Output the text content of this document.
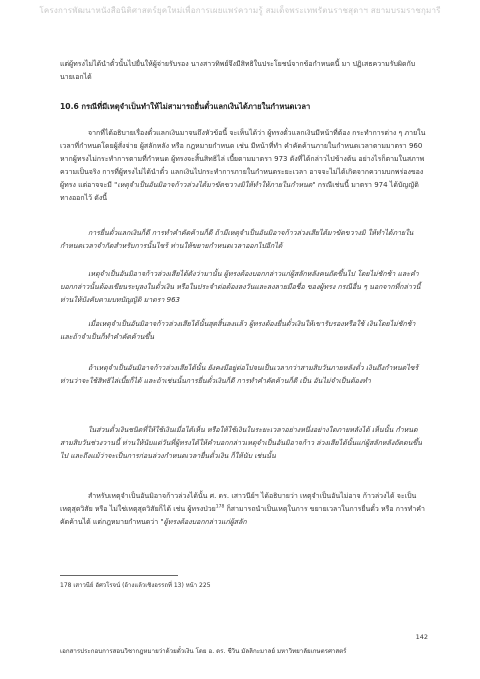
โครงการพัฒนาหนังสือนิติศาสตร์ยุคใหม่เพื่อการเผยแพร่ความรู้ สมเด็จพระเทพรัตนราชสุดาฯ สยามบรมราชกุมารี
แต่ผู้ทรงไม่ได้นำตั๋วนั้นไปยื่นให้ผู้จ่ายรับรอง นางสาวทิพย์จึงมีสิทธิในประโยชน์จากข้อกำหนดนี้ มา ปฏิเสธความรับผิดกับนายเอกได้
10.6 กรณีที่มีเหตุจำเป็นทำให้ไม่สามารถยื่นตั๋วแลกเงินได้ภายในกำหนดเวลา
จากที่ได้อธิบายเรื่องตั๋วแลกเงินมาจนถึงหัวข้อนี้ จะเห็นได้ว่า ผู้ทรงตั๋วแลกเงินมีหน้าที่ต้อง กระทำการต่าง ๆ ภายในเวลาที่กำหนดโดยผู้สั่งจ่าย ผู้สลักหลัง หรือ กฎหมายกำหนด เช่น มีหน้าที่ทำ คำคัดค้านภายในกำหนดเวลาตามมาตรา 960 หากผู้ทรงไม่กระทำการตามที่กำหนด ผู้ทรงจะสิ้นสิทธิไล่ เบี้ยตามมาตรา 973 ดังที่ได้กล่าวไปข้างต้น อย่างไรก็ตามในสภาพความเป็นจริง การที่ผู้ทรงไม่ได้นำตั๋ว แลกเงินไปกระทำการภายในกำหนดระยะเวลา อาจจะไม่ได้เกิดจากความบกพร่องของผู้ทรง แต่อาจจะมี "เหตุจำเป็นอันมิอาจก้าวล่วงได้มาขัดขวางมิให้ทำให้ภายในกำหนด" กรณีเช่นนี้ มาตรา 974 ได้บัญญัติ ทางออกไว้ ดังนี้
การยื่นตั๋วแลกเงินก็ดี การทำคำคัดค้านก็ดี ถ้ามีเหตุจำเป็นอันมิอาจก้าวล่วงเสียได้มาขัดขวางมิ ให้ทำได้ภายในกำหนดเวลาจำกัดสำหรับการนั้นไซร้ ท่านให้ขยายกำหนดเวลาออกไปอีกได้
เหตุจำเป็นอันมิอาจก้าวล่วงเสียได้ดังว่ามานั้น ผู้ทรงต้องบอกกล่าวแก่ผู้สลักหลังคนถัดขึ้นไป โดยไม่ชักช้า และคำบอกกล่าวนั้นต้องเขียนระบุลงในตั๋วเงิน หรือในประจำต่อต้องลงวันและลงลายมือชื่อ ของผู้ทรง กรณีอื่น ๆ นอกจากที่กล่าวนี้ ท่านให้บังคับตามบทบัญญัติ มาตรา 963
เมื่อเหตุจำเป็นอันมิอาจก้าวล่วงเสียได้นั้นสุดสิ้นลงแล้ว ผู้ทรงต้องยื่นตั๋วเงินให้เขารับรองหรือใช้ เงินโดยไม่ชักช้า และถ้าจำเป็นก็ทำคำคัดค้านขึ้น
ถ้าเหตุจำเป็นอันมิอาจก้าวล่วงเสียได้นั้น ยังคงมีอยู่ต่อไปจนเป็นเวลากว่าสามสิบวันภายหลังตั๋ว เงินถึงกำหนดไซร้ ท่านว่าจะใช้สิทธิไล่เบี้ยก็ได้ และถ้าเช่นนั้นการยื่นตั๋วเงินก็ดี การทำคำคัดค้านก็ดี เป็น อันไม่จำเป็นต้องทำ
ในส่วนตั๋วเงินชนิดที่ให้ใช้เงินเมื่อได้เห็น หรือให้ใช้เงินในระยะเวลาอย่างหนึ่งอย่างใดภายหลังได้ เห็นนั้น กำหนดสามสิบวันช่วงวานนี้ ท่านให้นับแต่วันที่ผู้ทรงได้ให้คำบอกกล่าวเหตุจำเป็นอันมิอาจก้าว ล่วงเสียได้นั้นแก่ผู้สลักหลังถัดตนขึ้นไป และถึงแม้ว่าจะเป็นการก่อนล่วงกำหนดเวลายื่นตั๋วเงิน ก็ให้นับ เช่นนั้น
สำหรับเหตุจำเป็นอันมิอาจก้าวล่วงได้นั้น ศ. ดร. เสาวนีย์ฯ ได้อธิบายว่า เหตุจำเป็นอันไม่อาจ ก้าวล่วงได้ จะเป็นเหตุสุดวิสัย หรือ ไม่ใช่เหตุสุดวิสัยก็ได้ เช่น ผู้ทรงป่วย$^{178}$ ก็สามารถนำเป็นเหตุในการ ขยายเวลาในการยื่นตั๋ว หรือ การทำคำคัดค้านได้ แต่กฎหมายกำหนดว่า "ผู้ทรงต้องบอกกล่าวแก่ผู้สลัก
178 เสาวนีย์ อัศวโรจน์ (อ้างแล้วเชิงอรรถที่ 13) หน้า 225
142
เอกสารประกอบการสอนวิชากฎหมายว่าด้วยตั๋วเงิน โดย อ. ดร. ชีวิน มัลลิกะมาลย์ มหาวิทยาลัยเกษตรศาสตร์
